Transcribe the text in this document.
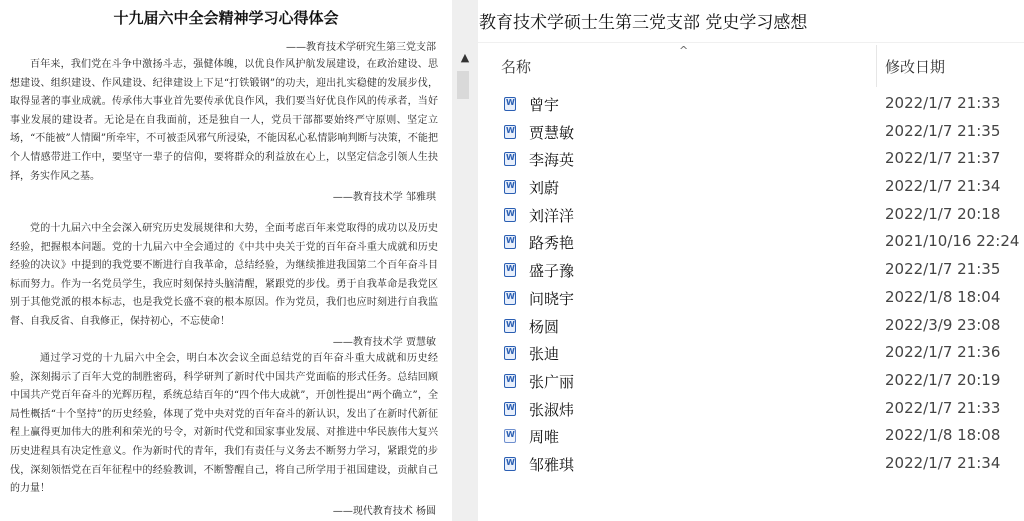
十九届六中全会精神学习心得体会
——教育技术学研究生第三党支部

百年来，我们党在斗争中激扬斗志，强健体魄，以优良作风护航发展建设，在政治建设、思想建设、组织建设、作风建设、纪律建设上下足“打铁锻钢”的功夫，迎出扎实稳健的发展步伐，取得显著的事业成就。传承伟大事业首先要传承优良作风，我们要当好优良作风的传承者，当好事业发展的建设者。无论是在自我面前，还是独自一人，党员干部都要始终严守原则、坚定立场，“不能被”人情圈”所牵牢，不可被歪风邪气所浸染，不能因私心私情影响判断与决策，不能把个人情感带进工作中，要坚守一辈子的信仰，要将群众的利益放在心上，以坚定信念引领人生抉择，务实作风之基。

——教育技术学 邹雅琪

党的十九届六中全会深入研究历史发展规律和大势，全面考虑百年来党取得的成功以及历史经验，把握根本问题。党的十九届六中全会通过的《中共中央关于党的百年奋斗重大成就和历史经验的决议》中提到的我党要不断进行自我革命，总结经验，为继续推进我国第二个百年奋斗目标而努力。作为一名党员学生，我应时刻保持头脑清醒，紧跟党的步伐。勇于自我革命是我党区别于其他党派的根本标志，也是我党长盛不衰的根本原因。作为党员，我们也应时刻进行自我监督、自我反省、自我修正，保持初心，不忘使命！

——教育技术学 贾慧敏

通过学习党的十九届六中全会，明白本次会议全面总结党的百年奋斗重大成就和历史经验，深刻揭示了百年大党的制胜密码，科学研判了新时代中国共产党面临的形式任务。总结回顾中国共产党百年奋斗的光辉历程，系统总结百年的“四个伟大成就”，开创性提出“两个确立”，全局性概括“十个坚持”的历史经验，体现了党中央对党的百年奋斗的新认识，发出了在新时代新征程上赢得更加伟大的胜利和荣光的号令，对新时代党和国家事业发展、对推进中华民族伟大复兴历史进程具有决定性意义。作为新时代的青年，我们有责任与义务去不断努力学习，紧跟党的步伐，深刻领悟党在百年征程中的经验教训，不断警醒自己，将自己所学用于祖国建设，贡献自己的力量！

——现代教育技术 杨圆
▲
教育技术学硕士生第三党支部 党史学习感想
^
名称	修改日期
W
曾宇	2022/1/7 21:33
W
贾慧敏	2022/1/7 21:35
W
李海英	2022/1/7 21:37
W
刘蔚	2022/1/7 21:34
W
刘洋洋	2022/1/7 20:18
W
路秀艳	2021/10/16 22:24
W
盛子豫	2022/1/7 21:35
W
问晓宇	2022/1/8 18:04
W
杨圆	2022/3/9 23:08
W
张迪	2022/1/7 21:36
W
张广丽	2022/1/7 20:19
W
张淑炜	2022/1/7 21:33
W
周唯	2022/1/8 18:08
W
邹雅琪	2022/1/7 21:34
